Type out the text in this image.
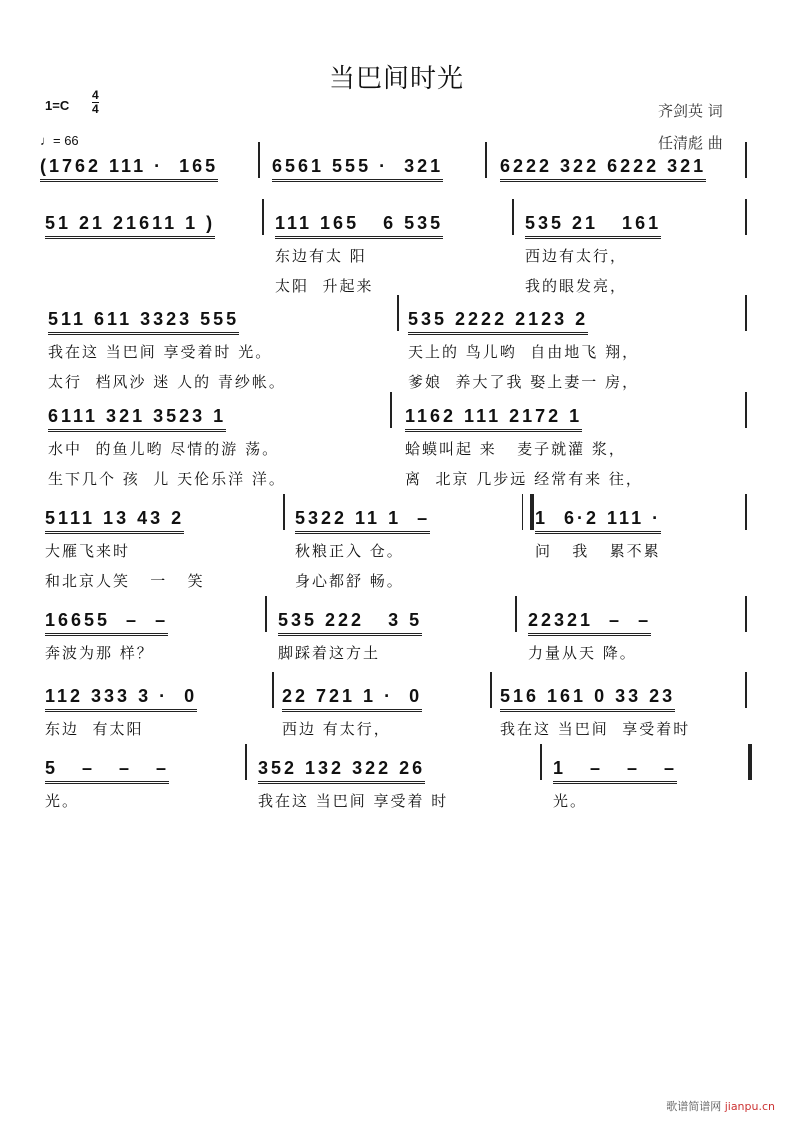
当巴间时光
1=C
4
4
♩= 66
齐剑英 词
任清彪 曲
(1762 111 ·  165	6561 555 ·  321	6222 322 6222 321
51 21 21611 1 )	111 165   6 535
东边有太 阳
太阳  升起来
535 21   161
西边有太行，
我的眼发亮，
511 611 3323 555
我在这 当巴间 享受着时 光。
太行  档风沙 迷 人的 青纱帐。
535 2222 2123 2
天上的 鸟儿哟  自由地飞 翔，
爹娘  养大了我 娶上妻一 房，
6111 321 3523 1
水中  的鱼儿哟 尽情的游 荡。
生下几个 孩  儿 天伦乐洋 洋。
1162 111 2172 1
蛤蟆叫起 来   麦子就灌 浆，
离  北京 几步远 经常有来 往，
5111 13 43 2
大雁飞来时
和北京人笑   一   笑
5322 11 1  –
秋粮正入 仓。
身心都舒 畅。
1  6·2 111 ·
问   我   累不累
16655  –  –
奔波为那 样？
535 222   3 5
脚踩着这方土
22321  –  –
力量从天 降。
112 333 3 ·  0
东边  有太阳
22 721 1 ·  0
西边 有太行，
516 161 0 33 23
我在这 当巴间  享受着时
5   –   –   –
光。
352 132 322 26
我在这 当巴间 享受着 时
1   –   –   –
光。
歌谱简谱网 jianpu.cn
